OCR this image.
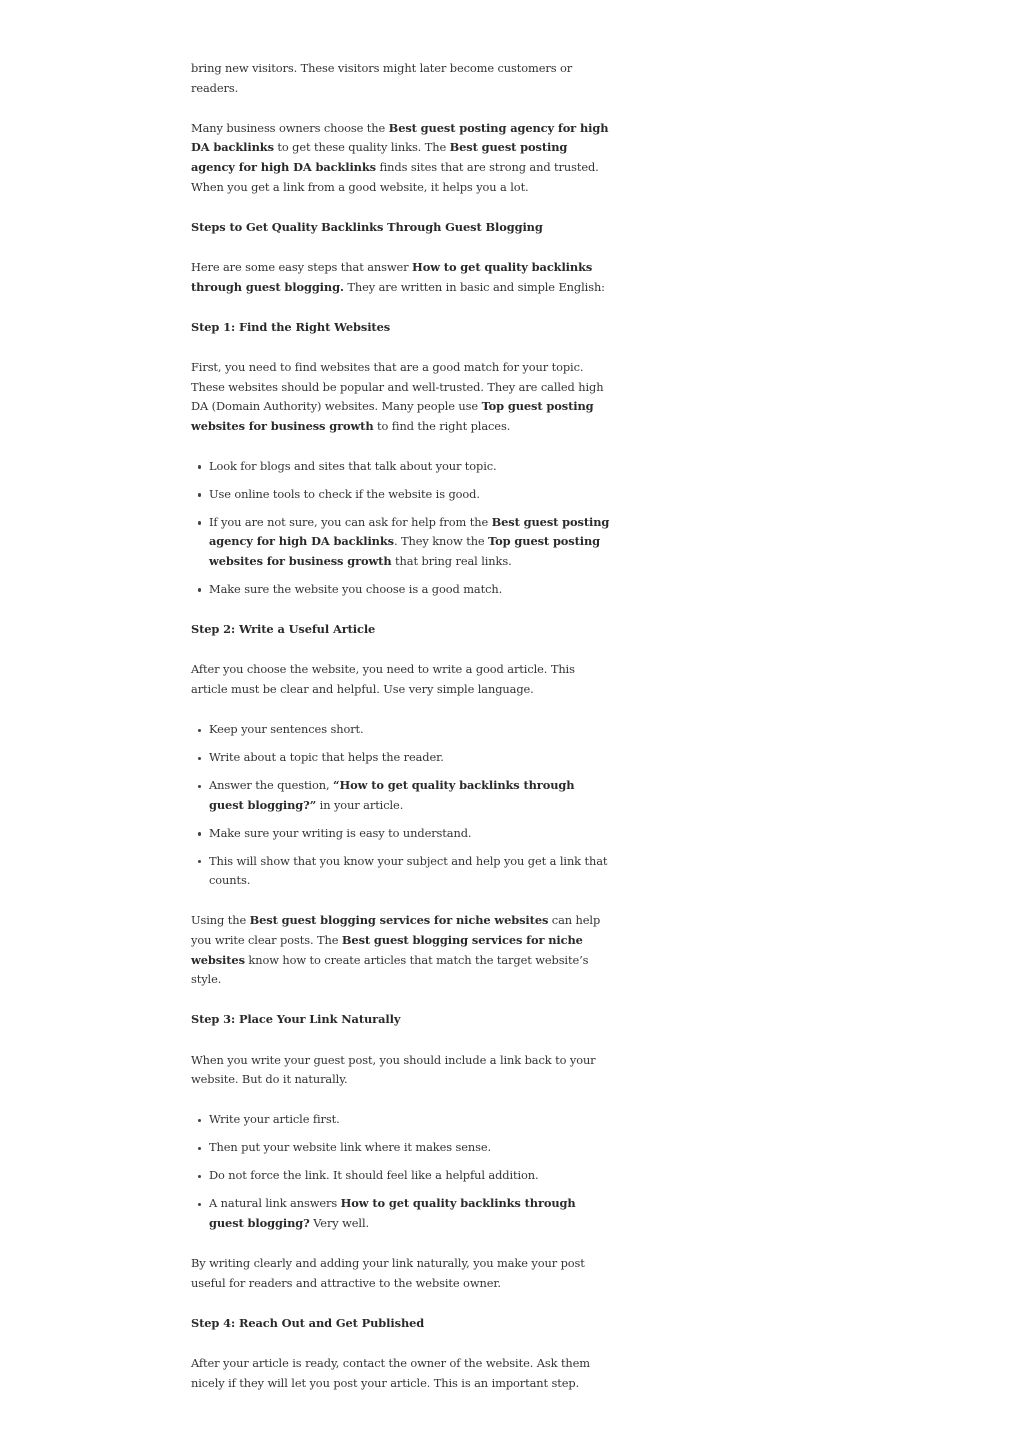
bring new visitors. These visitors might later become customers or readers.

Many business owners choose the Best guest posting agency for high DA backlinks to get these quality links. The Best guest posting agency for high DA backlinks finds sites that are strong and trusted. When you get a link from a good website, it helps you a lot.

Steps to Get Quality Backlinks Through Guest Blogging

Here are some easy steps that answer How to get quality backlinks through guest blogging. They are written in basic and simple English:

Step 1: Find the Right Websites

First, you need to find websites that are a good match for your topic. These websites should be popular and well-trusted. They are called high DA (Domain Authority) websites. Many people use Top guest posting websites for business growth to find the right places.

Look for blogs and sites that talk about your topic.
Use online tools to check if the website is good.
If you are not sure, you can ask for help from the Best guest posting agency for high DA backlinks. They know the Top guest posting websites for business growth that bring real links.
Make sure the website you choose is a good match.
Step 2: Write a Useful Article

After you choose the website, you need to write a good article. This article must be clear and helpful. Use very simple language.

Keep your sentences short.
Write about a topic that helps the reader.
Answer the question, “How to get quality backlinks through guest blogging?” in your article.
Make sure your writing is easy to understand.
This will show that you know your subject and help you get a link that counts.

Using the Best guest blogging services for niche websites can help you write clear posts. The Best guest blogging services for niche websites know how to create articles that match the target website’s style.

Step 3: Place Your Link Naturally

When you write your guest post, you should include a link back to your website. But do it naturally.

Write your article first.
Then put your website link where it makes sense.
Do not force the link. It should feel like a helpful addition.
A natural link answers How to get quality backlinks through guest blogging? Very well.

By writing clearly and adding your link naturally, you make your post useful for readers and attractive to the website owner.

Step 4: Reach Out and Get Published

After your article is ready, contact the owner of the website. Ask them nicely if they will let you post your article. This is an important step.
